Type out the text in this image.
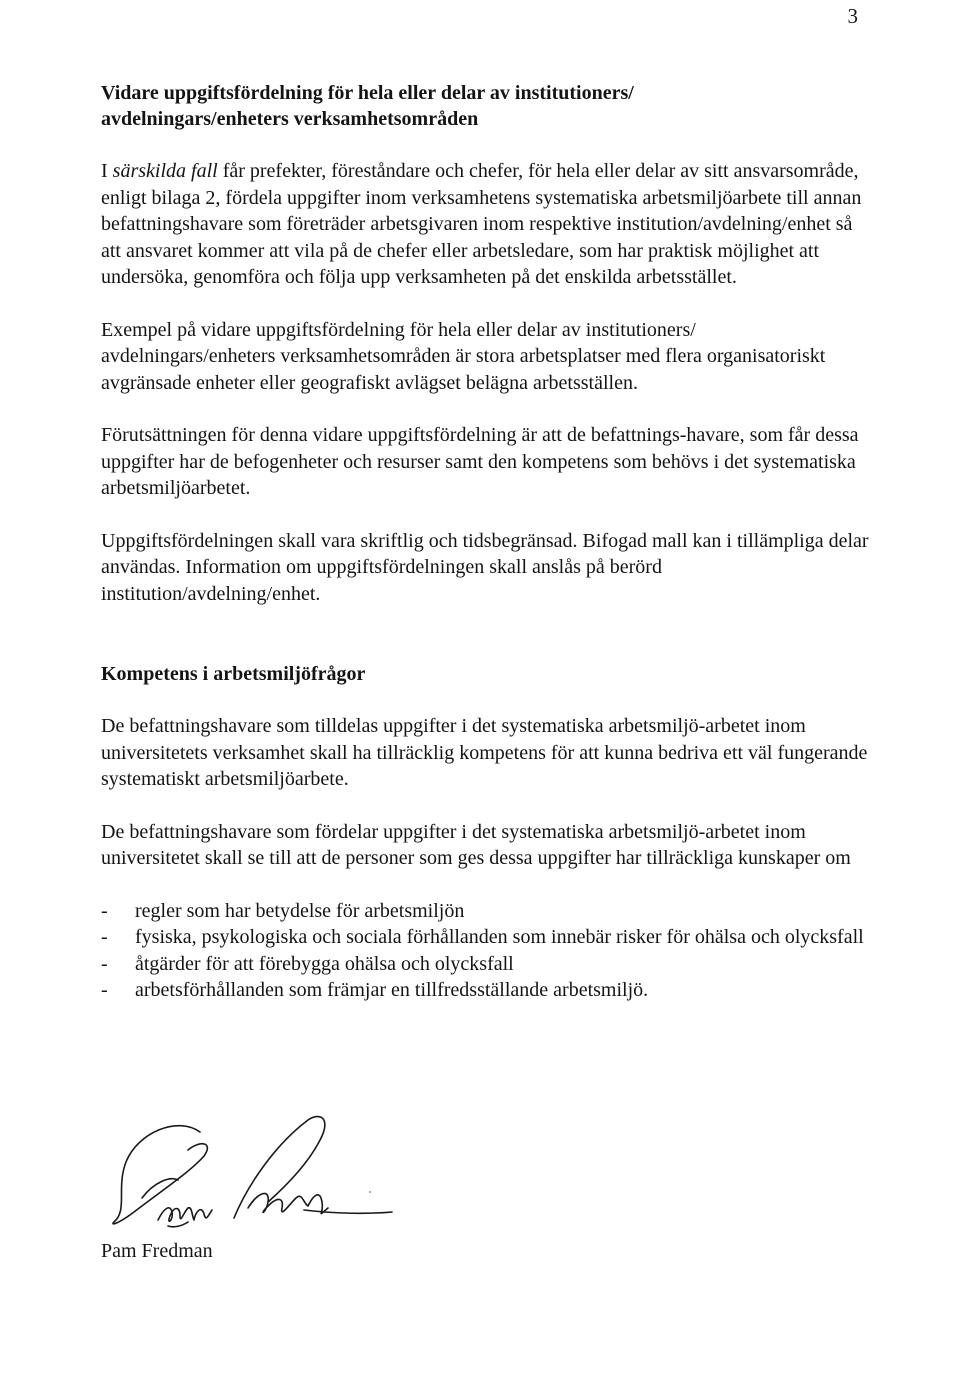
3
Vidare uppgiftsfördelning för hela eller delar av institutioners/
avdelningars/enheters verksamhetsområden

I särskilda fall får prefekter, föreståndare och chefer, för hela eller delar av sitt ansvarsområde, enligt bilaga 2, fördela uppgifter inom verksamhetens systematiska arbetsmiljöarbete till annan befattningshavare som företräder arbetsgivaren inom respektive institution/avdelning/enhet så att ansvaret kommer att vila på de chefer eller arbetsledare, som har praktisk möjlighet att undersöka, genomföra och följa upp verksamheten på det enskilda arbetsstället.

Exempel på vidare uppgiftsfördelning för hela eller delar av institutioners/ avdelningars/enheters verksamhetsområden är stora arbetsplatser med flera organisatoriskt avgränsade enheter eller geografiskt avlägset belägna arbetsställen.

Förutsättningen för denna vidare uppgiftsfördelning är att de befattnings-havare, som får dessa uppgifter har de befogenheter och resurser samt den kompetens som behövs i det systematiska arbetsmiljöarbetet.

Uppgiftsfördelningen skall vara skriftlig och tidsbegränsad. Bifogad mall kan i tillämpliga delar användas. Information om uppgiftsfördelningen skall anslås på berörd institution/avdelning/enhet.

Kompetens i arbetsmiljöfrågor

De befattningshavare som tilldelas uppgifter i det systematiska arbetsmiljö-arbetet inom universitetets verksamhet skall ha tillräcklig kompetens för att kunna bedriva ett väl fungerande systematiskt arbetsmiljöarbete.

De befattningshavare som fördelar uppgifter i det systematiska arbetsmiljö-arbetet inom universitetet skall se till att de personer som ges dessa uppgifter har tillräckliga kunskaper om

- regler som har betydelse för arbetsmiljön
- fysiska, psykologiska och sociala förhållanden som innebär risker för ohälsa och olycksfall
- åtgärder för att förebygga ohälsa och olycksfall
- arbetsförhållanden som främjar en tillfredsställande arbetsmiljö.
Pam Fredman
